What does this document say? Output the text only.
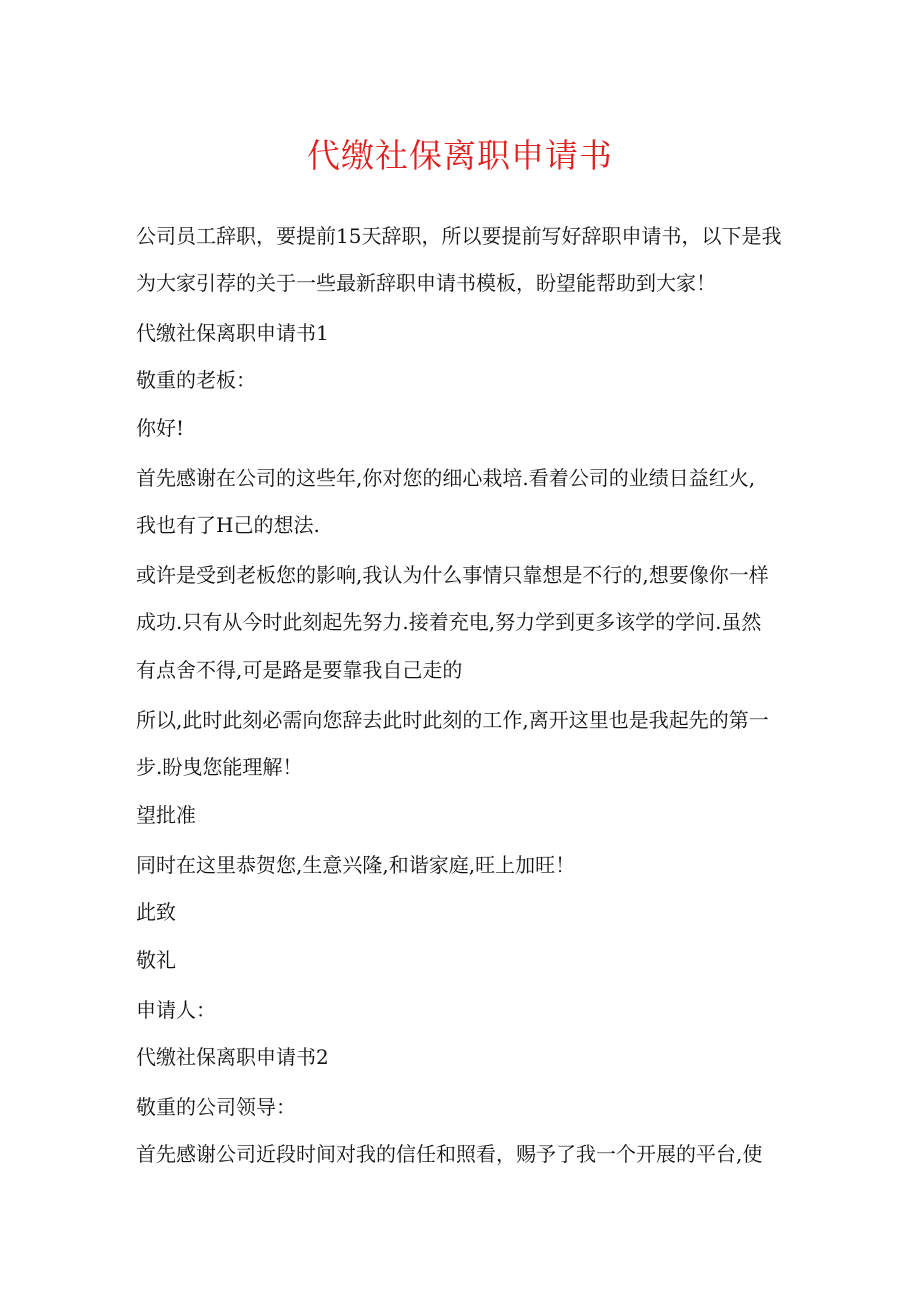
代缴社保离职申请书
公司员工辞职，要提前15天辞职，所以要提前写好辞职申请书，以下是我
为大家引荐的关于一些最新辞职申请书模板，盼望能帮助到大家！
代缴社保离职申请书1
敬重的老板：
你好!
首先感谢在公司的这些年,你对您的细心栽培.看着公司的业绩日益红火,
我也有了H己的想法.
或许是受到老板您的影响,我认为什么事情只靠想是不行的,想要像你一样
成功.只有从今时此刻起先努力.接着充电,努力学到更多该学的学问.虽然
有点舍不得,可是路是要靠我自己走的
所以,此时此刻必需向您辞去此时此刻的工作,离开这里也是我起先的第一
步.盼曳您能理解！
望批准
同时在这里恭贺您,生意兴隆,和谐家庭,旺上加旺！
此致
敬礼
申请人：
代缴社保离职申请书2
敬重的公司领导：
首先感谢公司近段时间对我的信任和照看，赐予了我一个开展的平台,使
